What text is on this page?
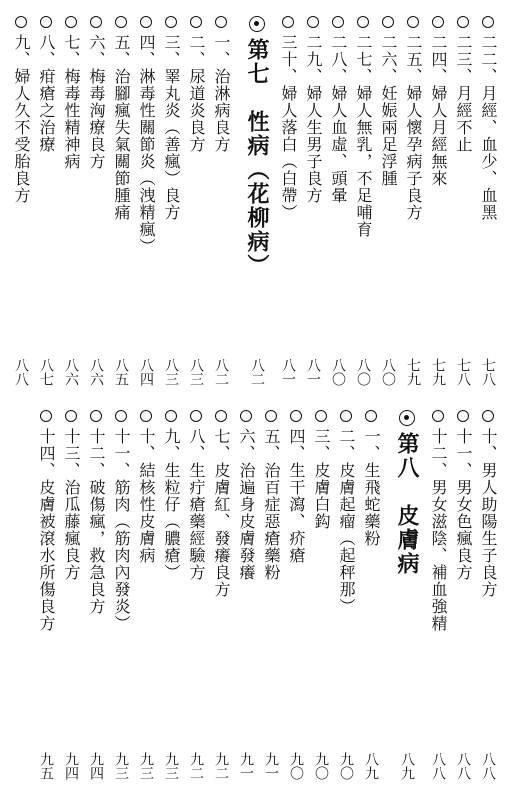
二二、月經、血少、血黑
七八
二三、月經不止
七八
二四、婦人月經無來
七九
二五、婦人懷孕病子良方
七九
二六、妊娠兩足浮腫
八〇
二七、婦人無乳，不足哺育
八〇
二八、婦人血虛、頭暈
八〇
二九、婦人生男子良方
八一
三十、婦人落白（白帶）
八一
第七　性病（花柳病）
八二
一、治淋病良方
八二
二、尿道炎良方
八三
三、睪丸炎（善瘋）良方
八三
四、淋毒性關節炎（洩精瘋）
八四
五、治腳瘋失氣關節腫痛
八五
六、梅毒洶療良方
八六
七、梅毒性精神病
八六
八、疳瘡之治療
八七
九、婦人久不受胎良方
八八
十、男人助陽生子良方
八八
十一、男女色瘋良方
八八
十二、男女滋陰、補血強精
八八
第八　皮膚病
八九
一、生飛蛇藥粉
八九
二、皮膚起瘤（起秤那）
九〇
三、皮膚白鈎
九〇
四、生干瀉、疥瘡
九〇
五、治百症惡瘡藥粉
九一
六、治遍身皮膚發癢
九一
七、皮膚紅、發癢良方
九二
八、生疔瘡藥經驗方
九二
九、生粒仔（膿瘡）
九三
十、結核性皮膚病
九三
十一、筋肉（筋肉內發炎）
九三
十二、破傷瘋，救急良方
九四
十三、治瓜藤瘋良方
九四
十四、皮膚被滾水所傷良方
九五
